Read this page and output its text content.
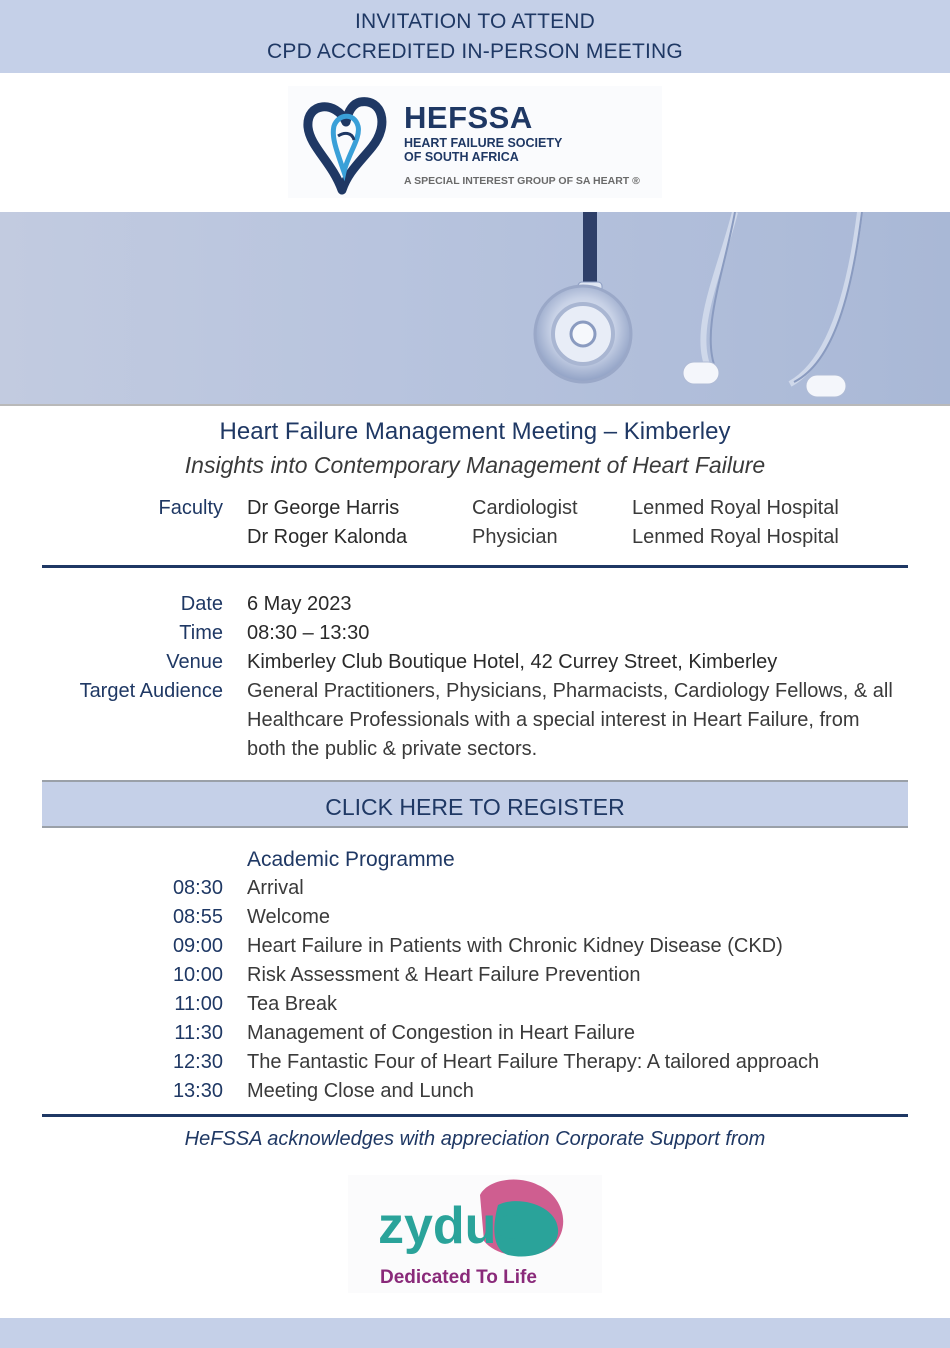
INVITATION TO ATTEND
CPD ACCREDITED IN-PERSON MEETING
HEFSSA
HEART FAILURE SOCIETY
OF SOUTH AFRICA
A SPECIAL INTEREST GROUP OF SA HEART ®
Heart Failure Management Meeting – Kimberley
Insights into Contemporary Management of Heart Failure
Faculty Dr George Harris	Cardiologist	Lenmed Royal Hospital
Dr Roger Kalonda	Physician	Lenmed Royal Hospital
Date 6 May 2023
Time 08:30 – 13:30
Venue Kimberley Club Boutique Hotel, 42 Currey Street, Kimberley
Target Audience General Practitioners, Physicians, Pharmacists, Cardiology Fellows, & all
Healthcare Professionals with a special interest in Heart Failure, from
both the public & private sectors.
CLICK HERE TO REGISTER
Academic Programme
08:30 Arrival
08:55 Welcome
09:00 Heart Failure in Patients with Chronic Kidney Disease (CKD)
10:00 Risk Assessment & Heart Failure Prevention
11:00 Tea Break
11:30 Management of Congestion in Heart Failure
12:30 The Fantastic Four of Heart Failure Therapy: A tailored approach
13:30 Meeting Close and Lunch
HeFSSA acknowledges with appreciation Corporate Support from
zydus
Dedicated To Life
